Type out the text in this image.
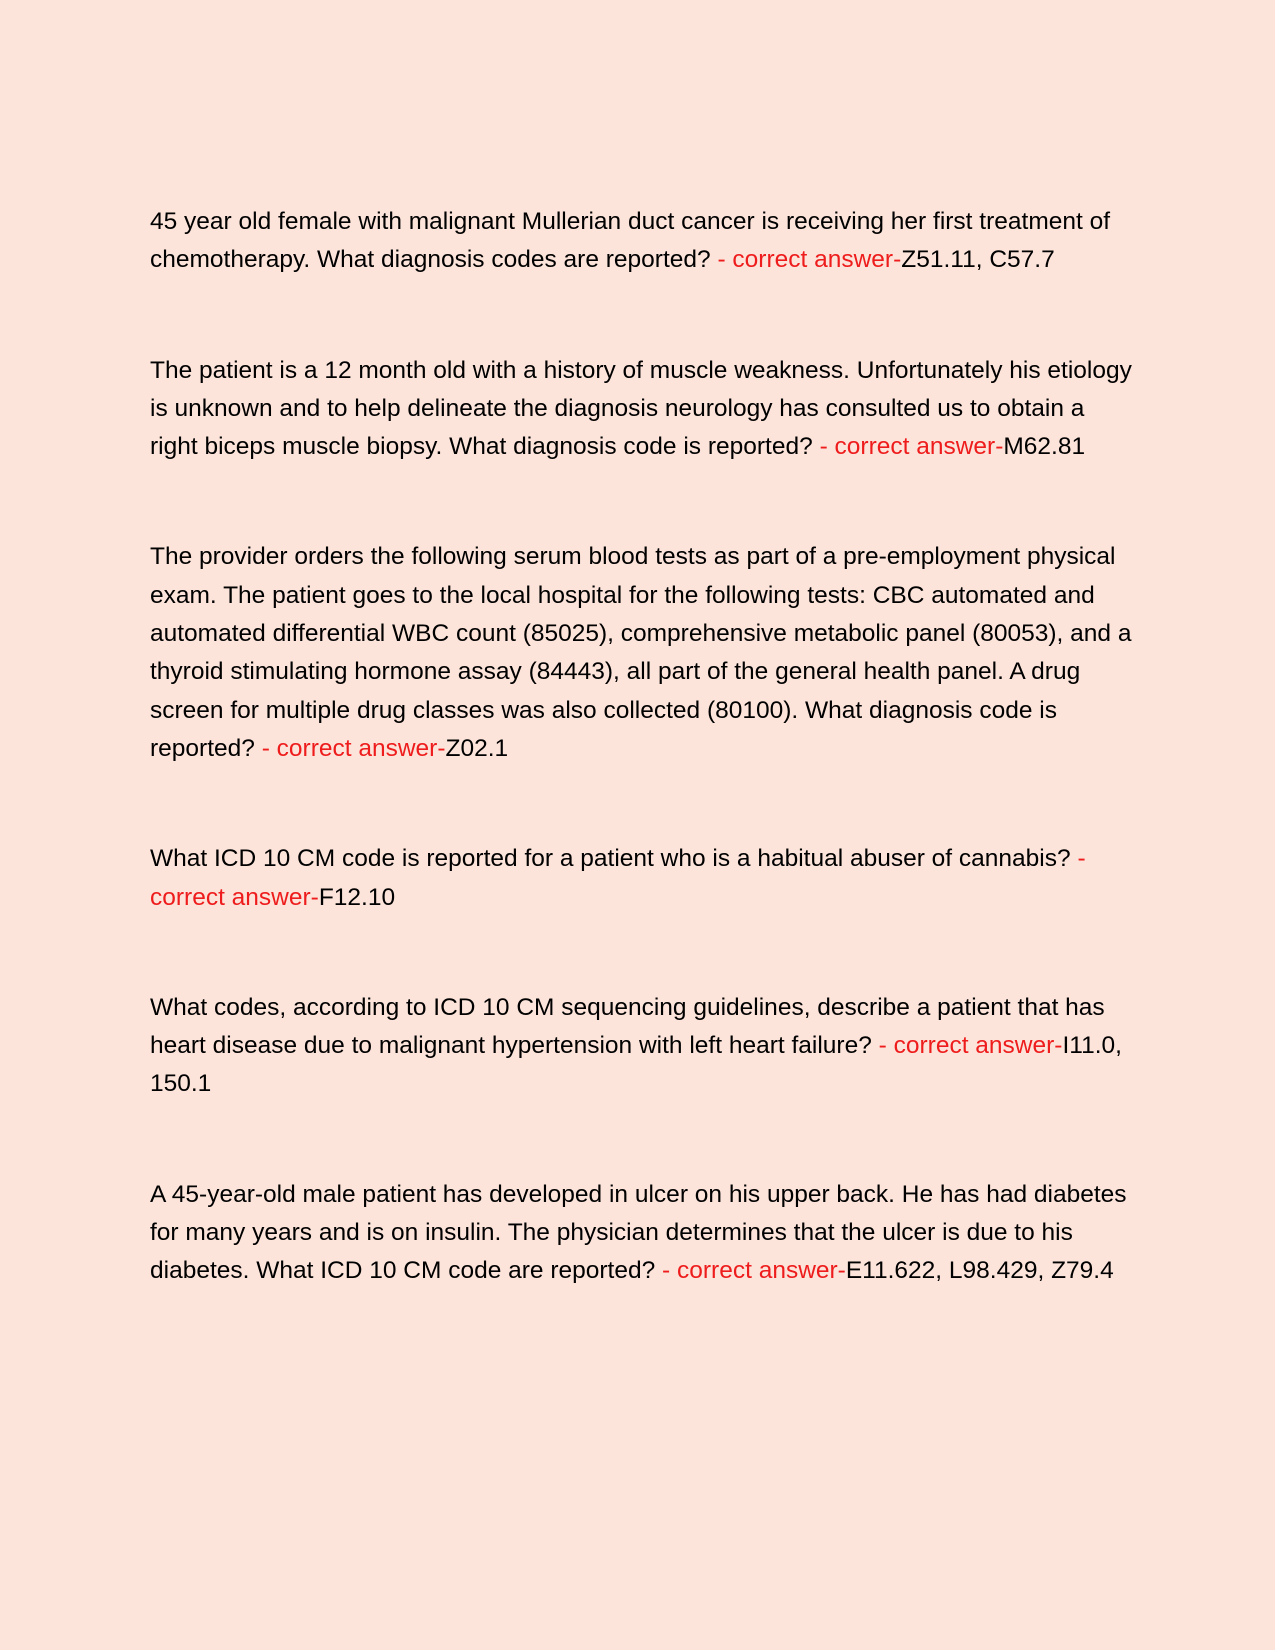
45 year old female with malignant Mullerian duct cancer is receiving her first treatment of chemotherapy. What diagnosis codes are reported? - correct answer-Z51.11, C57.7

The patient is a 12 month old with a history of muscle weakness. Unfortunately his etiology is unknown and to help delineate the diagnosis neurology has consulted us to obtain a right biceps muscle biopsy. What diagnosis code is reported? - correct answer-M62.81

The provider orders the following serum blood tests as part of a pre-employment physical exam. The patient goes to the local hospital for the following tests: CBC automated and automated differential WBC count (85025), comprehensive metabolic panel (80053), and a thyroid stimulating hormone assay (84443), all part of the general health panel. A drug screen for multiple drug classes was also collected (80100). What diagnosis code is reported? - correct answer-Z02.1

What ICD 10 CM code is reported for a patient who is a habitual abuser of cannabis? - correct answer-F12.10

What codes, according to ICD 10 CM sequencing guidelines, describe a patient that has heart disease due to malignant hypertension with left heart failure? - correct answer-I11.0, 150.1

A 45-year-old male patient has developed in ulcer on his upper back. He has had diabetes for many years and is on insulin. The physician determines that the ulcer is due to his diabetes. What ICD 10 CM code are reported? - correct answer-E11.622, L98.429, Z79.4
